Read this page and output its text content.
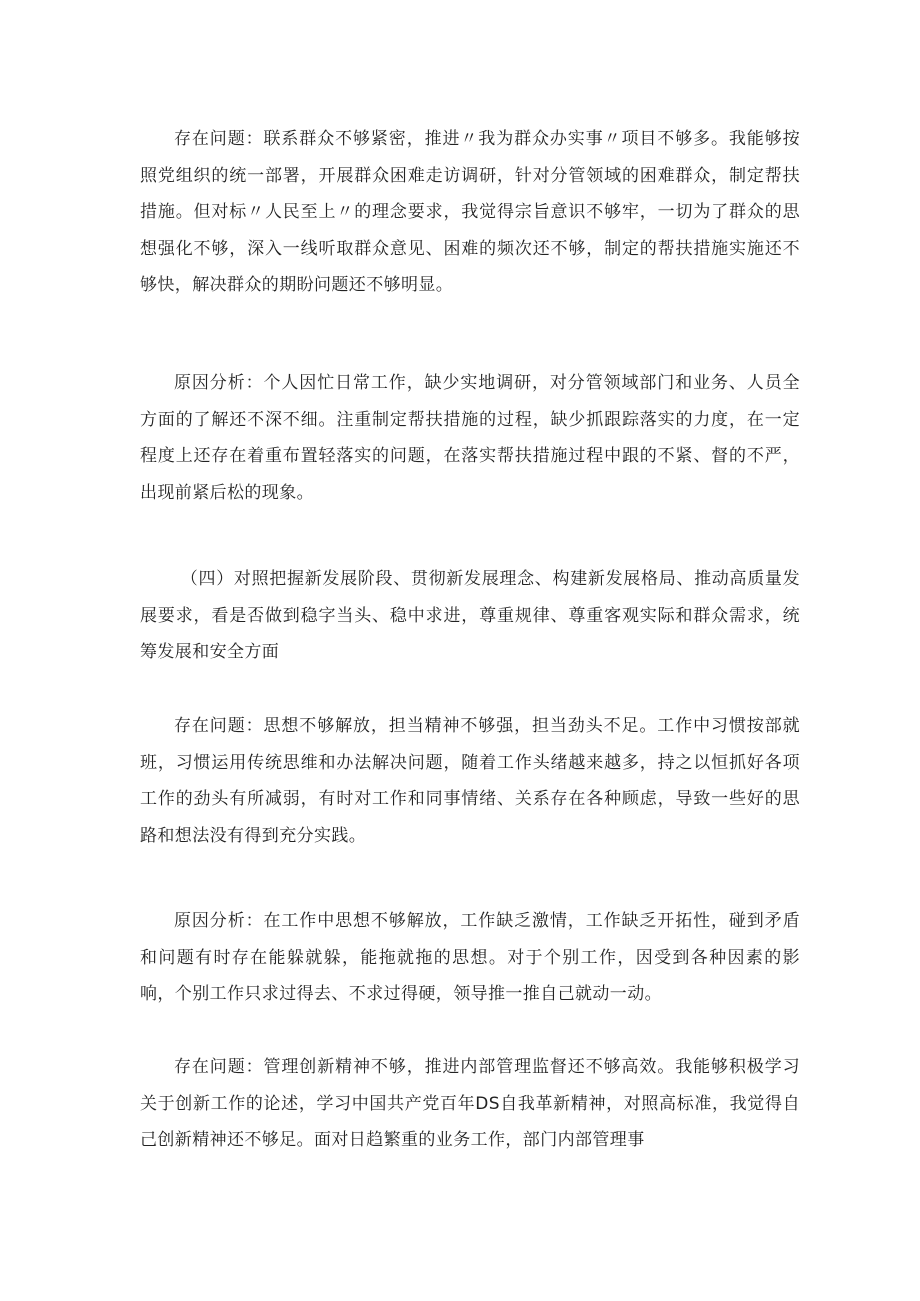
存在问题：联系群众不够紧密，推进〃我为群众办实事〃项目不够多。我能够按照党组织的统一部署，开展群众困难走访调研，针对分管领域的困难群众，制定帮扶措施。但对标〃人民至上〃的理念要求，我觉得宗旨意识不够牢，一切为了群众的思想强化不够，深入一线听取群众意见、困难的频次还不够，制定的帮扶措施实施还不够快，解决群众的期盼问题还不够明显。

原因分析：个人因忙日常工作，缺少实地调研，对分管领域部门和业务、人员全方面的了解还不深不细。注重制定帮扶措施的过程，缺少抓跟踪落实的力度，在一定程度上还存在着重布置轻落实的问题，在落实帮扶措施过程中跟的不紧、督的不严，出现前紧后松的现象。

（四）对照把握新发展阶段、贯彻新发展理念、构建新发展格局、推动高质量发展要求，看是否做到稳字当头、稳中求进，尊重规律、尊重客观实际和群众需求，统筹发展和安全方面

存在问题：思想不够解放，担当精神不够强，担当劲头不足。工作中习惯按部就班，习惯运用传统思维和办法解决问题，随着工作头绪越来越多，持之以恒抓好各项工作的劲头有所减弱，有时对工作和同事情绪、关系存在各种顾虑，导致一些好的思路和想法没有得到充分实践。

原因分析：在工作中思想不够解放，工作缺乏激情，工作缺乏开拓性，碰到矛盾和问题有时存在能躲就躲，能拖就拖的思想。对于个别工作，因受到各种因素的影响，个别工作只求过得去、不求过得硬，领导推一推自己就动一动。

存在问题：管理创新精神不够，推进内部管理监督还不够高效。我能够积极学习关于创新工作的论述，学习中国共产党百年DS自我革新精神，对照高标准，我觉得自己创新精神还不够足。面对日趋繁重的业务工作，部门内部管理事
